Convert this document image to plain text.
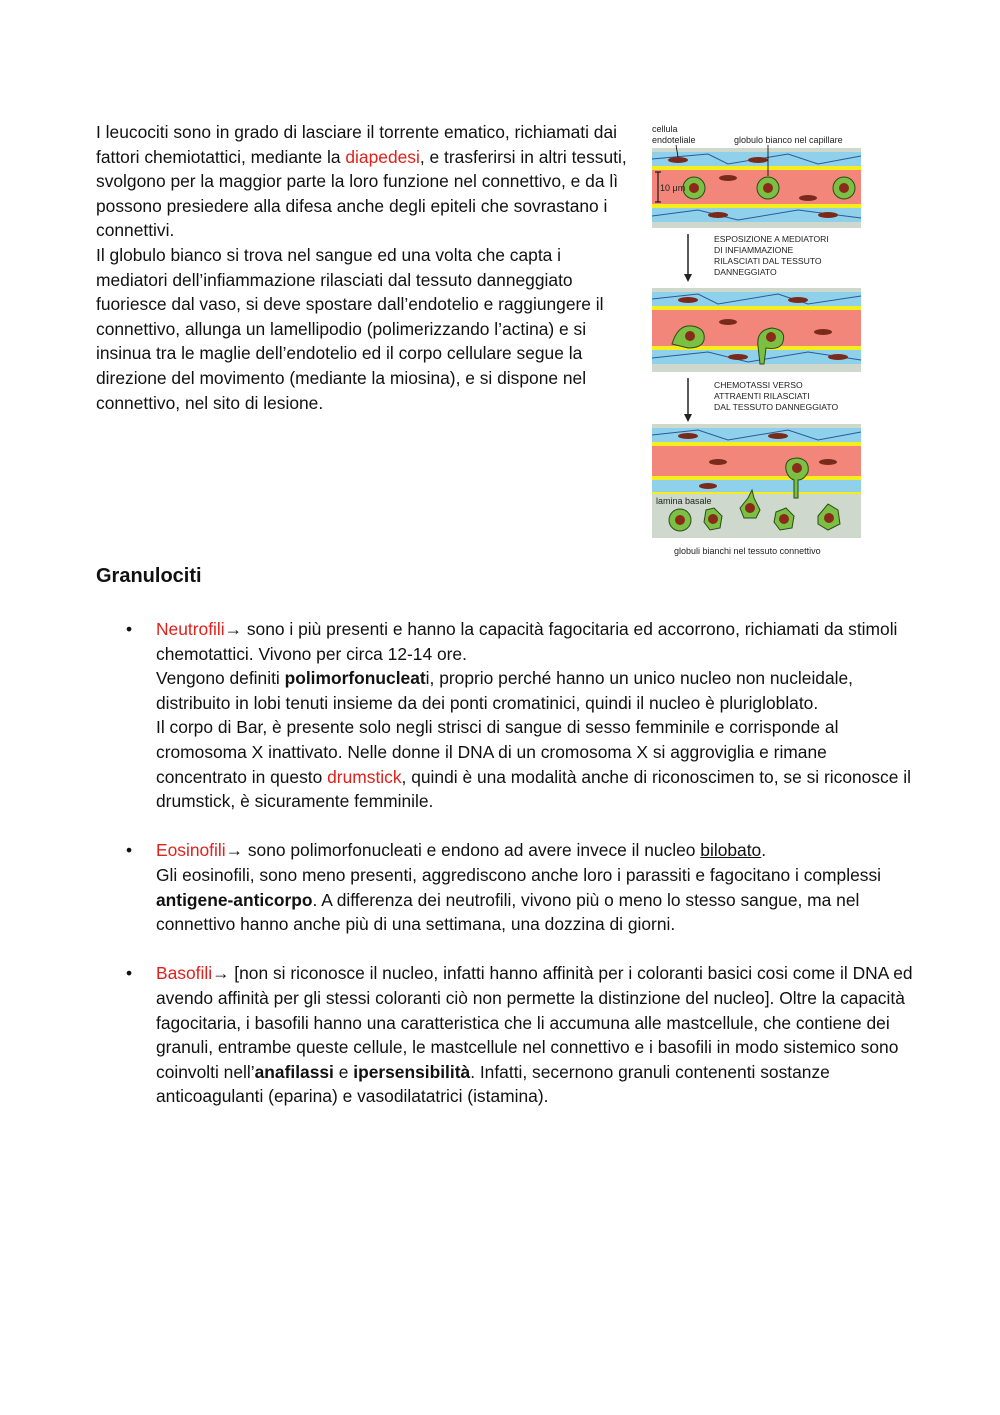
I leucociti sono in grado di lasciare il torrente ematico, richiamati dai fattori chemiotattici, mediante la diapedesi, e trasferirsi in altri tessuti, svolgono per la maggior parte la loro funzione nel connettivo, e da lì possono presiedere alla difesa anche degli epiteli che sovrastano i connettivi.

Il globulo bianco si trova nel sangue ed una volta che capta i mediatori dell’infiammazione rilasciati dal tessuto danneggiato fuoriesce dal vaso, si deve spostare dall’endotelio e raggiungere il connettivo, allunga un lamellipodio (polimerizzando l’actina) e si insinua tra le maglie dell’endotelio ed il corpo cellulare segue la direzione del movimento (mediante la miosina), e si dispone nel connettivo, nel sito di lesione.

10 μm
cellula
endoteliale	globulo bianco nel capillare
ESPOSIZIONE A MEDIATORI
DI INFIAMMAZIONE
RILASCIATI DAL TESSUTO
DANNEGGIATO
CHEMOTASSI VERSO
ATTRAENTI RILASCIATI
DAL TESSUTO DANNEGGIATO
lamina basale
globuli bianchi nel tessuto connettivo
Granulociti
• Neutrofili→ sono i più presenti e hanno la capacità fagocitaria ed accorrono, richiamati da stimoli chemotattici. Vivono per circa 12-14 ore.

Vengono definiti polimorfonucleati, proprio perché hanno un unico nucleo non nucleidale, distribuito in lobi tenuti insieme da dei ponti cromatinici, quindi il nucleo è plurigloblato.

Il corpo di Bar, è presente solo negli strisci di sangue di sesso femminile e corrisponde al cromosoma X inattivato. Nelle donne il DNA di un cromosoma X si aggroviglia e rimane concentrato in questo drumstick, quindi è una modalità anche di riconoscimen to, se si riconosce il drumstick, è sicuramente femminile.

• Eosinofili→ sono polimorfonucleati e endono ad avere invece il nucleo bilobato.

Gli eosinofili, sono meno presenti, aggrediscono anche loro i parassiti e fagocitano i complessi antigene-anticorpo. A differenza dei neutrofili, vivono più o meno lo stesso sangue, ma nel connettivo hanno anche più di una settimana, una dozzina di giorni.

• Basofili→ [non si riconosce il nucleo, infatti hanno affinità per i coloranti basici cosi come il DNA ed avendo affinità per gli stessi coloranti ciò non permette la distinzione del nucleo]. Oltre la capacità fagocitaria, i basofili hanno una caratteristica che li accumuna alle mastcellule, che contiene dei granuli, entrambe queste cellule, le mastcellule nel connettivo e i basofili in modo sistemico sono coinvolti nell’anafilassi e ipersensibilità. Infatti, secernono granuli contenenti sostanze anticoagulanti (eparina) e vasodilatatrici (istamina).
